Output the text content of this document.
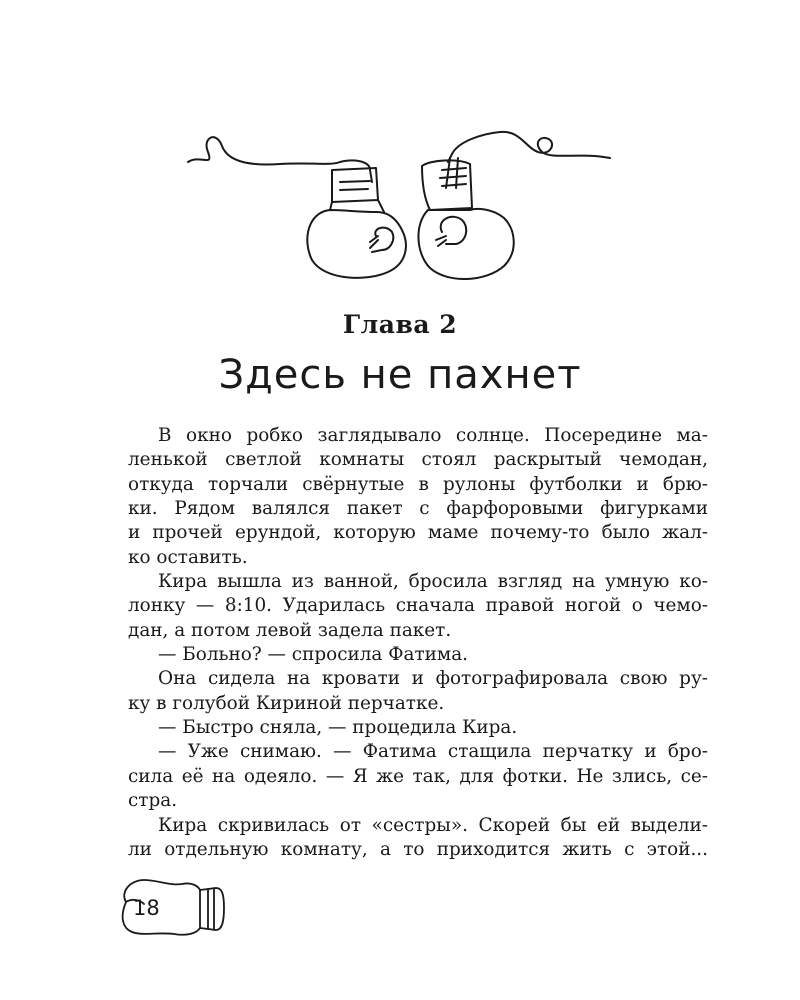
Глава 2
Здесь не пахнет
В окно робко заглядывало солнце. Посередине ма-
ленькой светлой комнаты стоял раскрытый чемодан,
откуда торчали свёрнутые в рулоны футболки и брю-
ки. Рядом валялся пакет с фарфоровыми фигурками
и прочей ерундой, которую маме почему-то было жал-
ко оставить.
Кира вышла из ванной, бросила взгляд на умную ко-
лонку — 8:10. Ударилась сначала правой ногой о чемо-
дан, а потом левой задела пакет.
— Больно? — спросила Фатима.
Она сидела на кровати и фотографировала свою ру-
ку в голубой Кириной перчатке.
— Быстро сняла, — процедила Кира.
— Уже снимаю. — Фатима стащила перчатку и бро-
сила её на одеяло. — Я же так, для фотки. Не злись, се-
стра.
Кира скривилась от «сестры». Скорей бы ей выдели-
ли отдельную комнату, а то приходится жить с этой...
18
